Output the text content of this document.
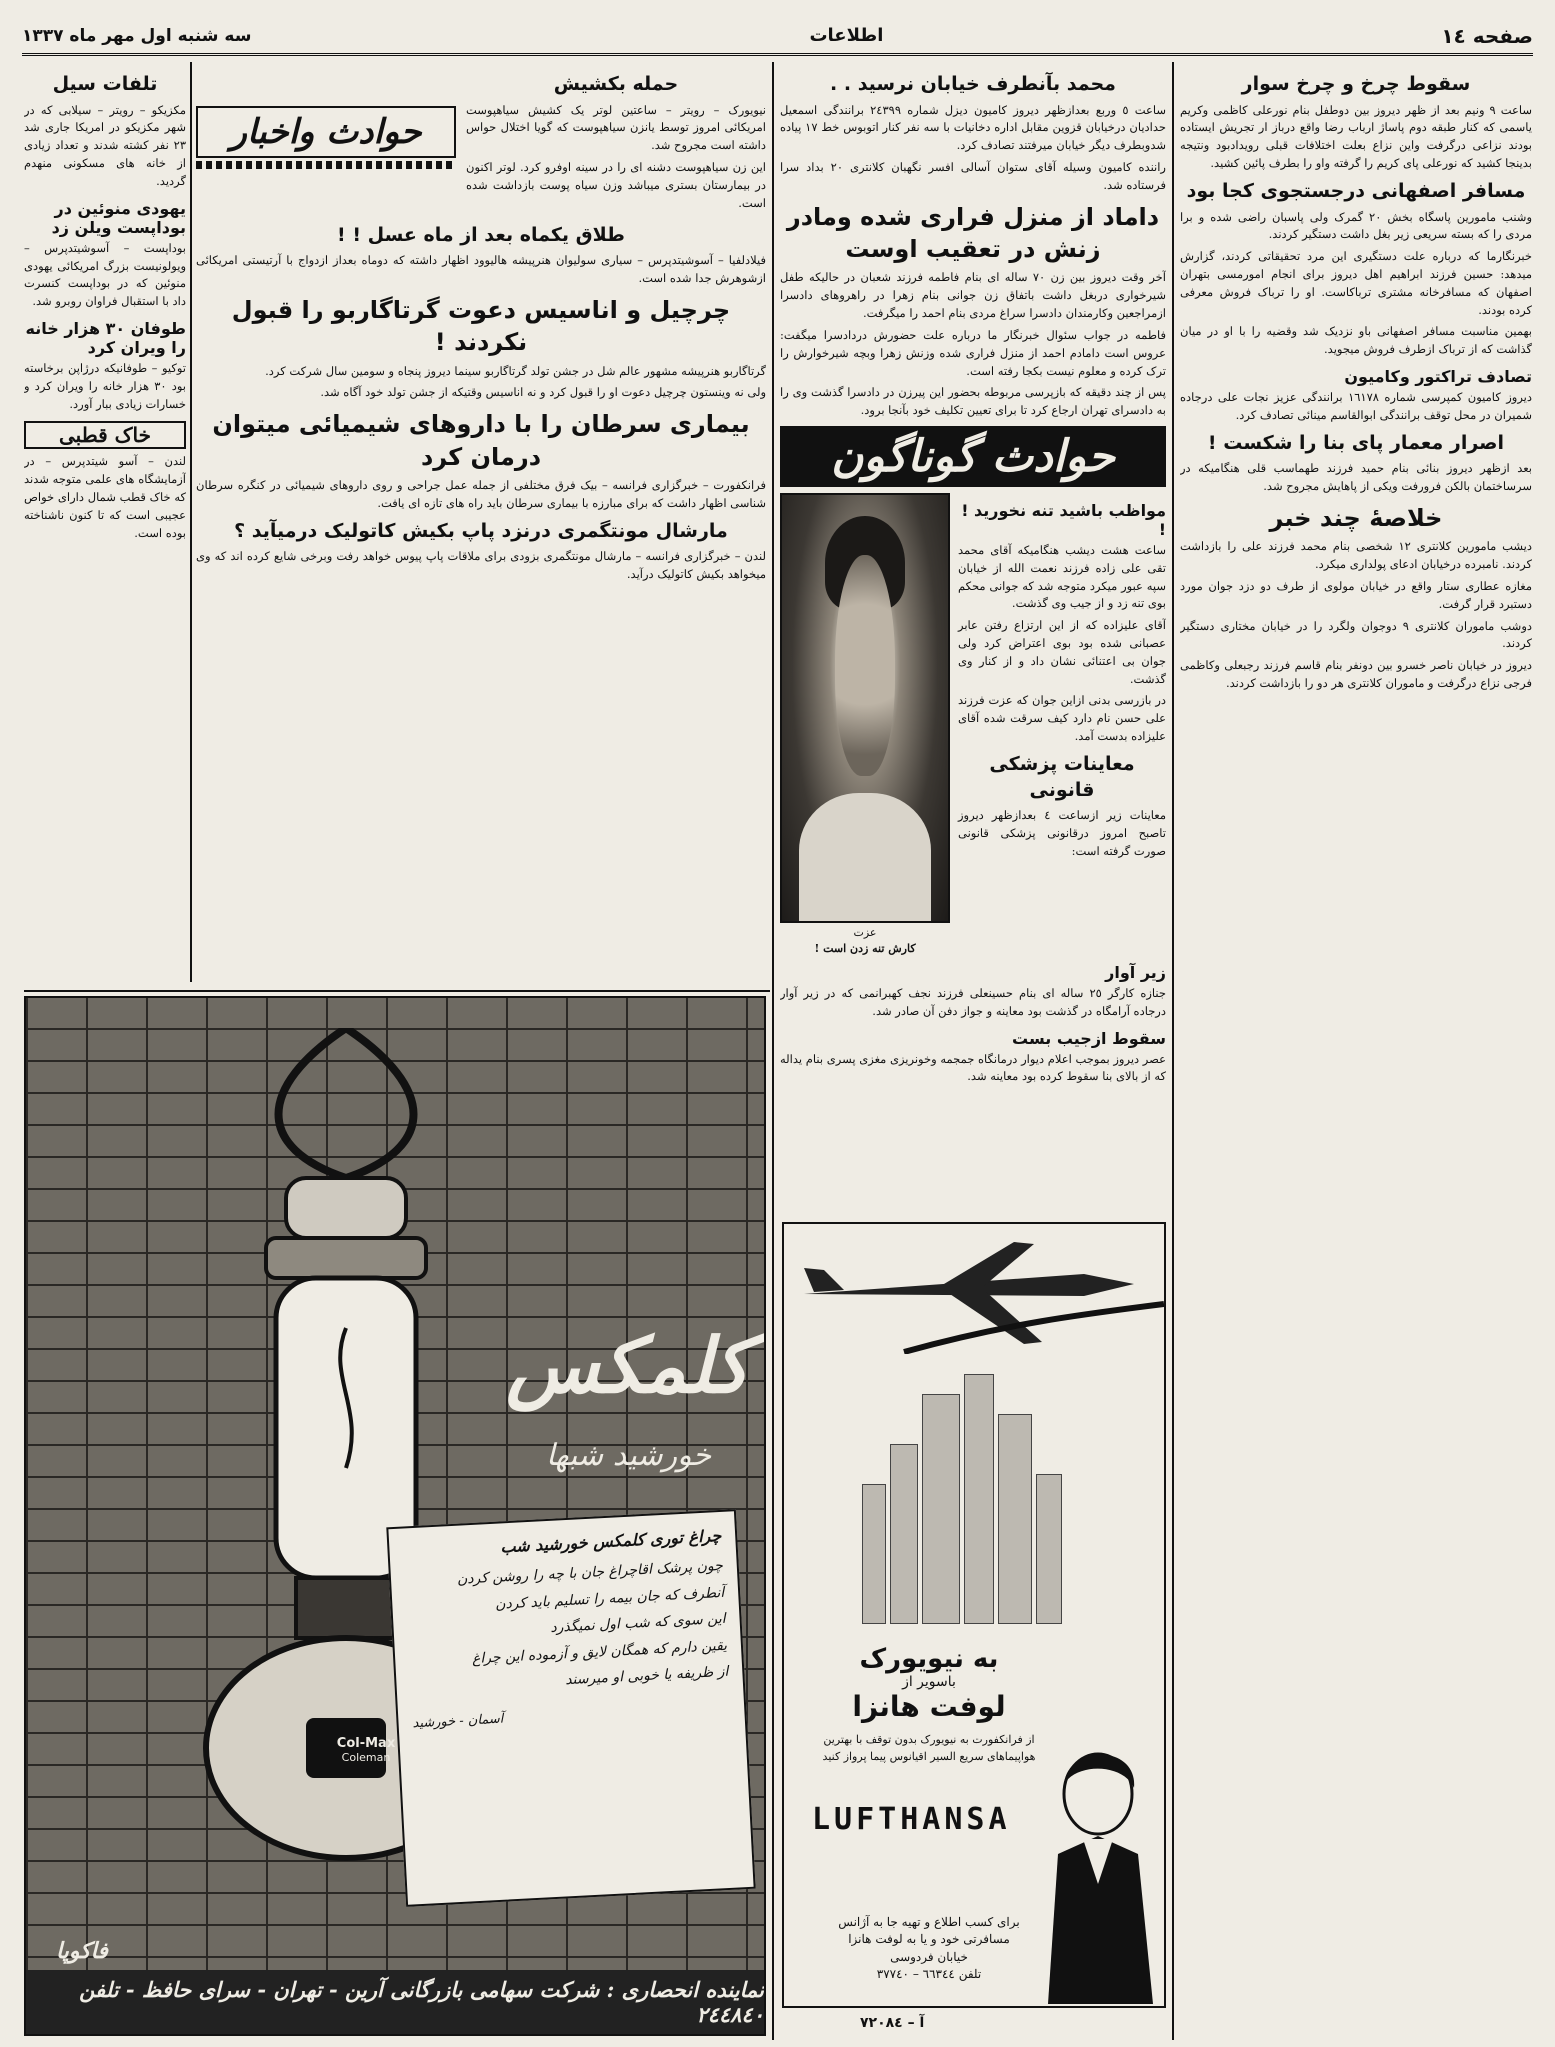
صفحه ١٤
اطلاعات
سه شنبه اول مهر ماه ١٣٣٧
سقوط چرخ و چرخ سوار

ساعت ۹ ونیم بعد از ظهر دیروز بین دوطفل بنام نورعلی کاظمی وکریم یاسمی که کنار طبقه دوم پاساژ ارباب رضا واقع درباز ار تجریش ایستاده بودند نزاعی درگرفت واین نزاع بعلت اختلافات قبلی رویدادبود ونتیجه بدینجا کشید که نورعلی پای کریم را گرفته واو را بطرف پائین کشید.

مسافر اصفهانی درجستجوی کجا بود

وشنب مامورین پاسگاه بخش ٢٠ گمرک ولی پاسبان راضی شده و برا مردی را که بسته سریعی زیر بغل داشت دستگیر کردند.

خبرنگارما که درباره علت دستگیری این مرد تحقیقاتی کردند، گزارش میدهد: حسین فرزند ابراهیم اهل دیروز برای انجام امورمسی بتهران اصفهان که مسافرخانه مشتری ترباکاست. او را ترباک فروش معرفی کرده بودند.

بهمین مناسبت مسافر اصفهانی باو نزدیک شد وقضیه را با او در میان گذاشت که از ترباک ازطرف فروش میجوید.

تصادف تراکتور وکامیون

دیروز کامیون کمپرسی شماره ١٦١٧٨ برانندگی عزیز نجات علی درجاده شمیران در محل توقف برانندگی ابوالقاسم مینائی تصادف کرد.

اصرار معمار پای بنا را شکست !

بعد ازظهر دیروز بنائی بنام حمید فرزند طهماسب قلی هنگامیکه در سرساختمان بالکن فرورفت ویکی از پاهایش مجروح شد.

خلاصهٔ چند خبر

دیشب مامورین کلانتری ١٢ شخصی بنام محمد فرزند علی را بازداشت کردند. نامبرده درخیابان ادعای پولداری میکرد.

مغازه عطاری ستار واقع در خیابان مولوی از طرف دو دزد جوان مورد دستبرد قرار گرفت.

دوشب ماموران کلانتری ۹ دوجوان ولگرد را در خیابان مختاری دستگیر کردند.

دیروز در خیابان ناصر خسرو بین دونفر بنام قاسم فرزند رجبعلی وکاظمی فرجی نزاع درگرفت و ماموران کلانتری هر دو را بازداشت کردند.

محمد بآنطرف خیابان نرسید . .

ساعت ٥ وربع بعدازظهر دیروز کامیون دیزل شماره ٢٤٣٩٩ برانندگی اسمعیل حدادیان درخیابان قزوین مقابل اداره دخانیات با سه نفر کنار اتوبوس خط ١٧ پیاده شدوبطرف دیگر خیابان میرفتند تصادف کرد.

راننده کامیون وسیله آقای ستوان آسالی افسر نگهبان کلانتری ٢٠ بداد سرا فرستاده شد.

داماد از منزل فراری شده ومادر زنش در تعقیب اوست

آخر وقت دیروز بین زن ٧٠ ساله ای بنام فاطمه فرزند شعبان در حالیکه طفل شیرخواری دربغل داشت باتفاق زن جوانی بنام زهرا در راهروهای دادسرا ازمراجعین وکارمندان دادسرا سراغ مردی بنام احمد را میگرفت.

فاطمه در جواب سئوال خبرنگار ما درباره علت حضورش دردادسرا میگفت: عروس است دامادم احمد از منزل فراری شده وزنش زهرا وبچه شیرخوارش را ترک کرده و معلوم نیست بکجا رفته است.

پس از چند دقیقه که بازپرسی مربوطه بحضور این پیرزن در دادسرا گذشت وی را به دادسرای تهران ارجاع کرد تا برای تعیین تکلیف خود بآنجا برود.

حوادث گوناگون
مواظب باشید تنه نخورید ! !

ساعت هشت دیشب هنگامیکه آقای محمد تقی علی زاده فرزند نعمت الله از خیابان سپه عبور میکرد متوجه شد که جوانی محکم بوی تنه زد و از جیب وی گذشت.

آقای علیزاده که از این ارتزاع رفتن عابر عصبانی شده بود بوی اعتراض کرد ولی جوان بی اعتنائی نشان داد و از کنار وی گذشت.

در بازرسی بدنی ازاین جوان که عزت فرزند علی حسن نام دارد کیف سرقت شده آقای علیزاده بدست آمد.

معاینات پزشکی قانونی

معاینات زیر ازساعت ٤ بعدازظهر دیروز تاصبح امروز درقانونی پزشکی قانونی صورت گرفته است:

عزت
کارش تنه زدن است !
زیر آوار

جنازه کارگر ٢٥ ساله ای بنام حسینعلی فرزند نجف کهبرانمی که در زیر آوار درجاده آرامگاه در گذشت بود معاینه و جواز دفن آن صادر شد.

سقوط ازجیب بست

عصر دیروز بموجب اعلام دیوار درمانگاه جمجمه وخونریزی مغزی پسری بنام یداله که از بالای بنا سقوط کرده بود معاینه شد.

به نیویورک
باسویر از
لوفت هانزا

از فرانکفورت به نیویورک بدون توقف با بهترین هواپیماهای سریع السیر اقیانوس پیما پرواز کنید

LUFTHANSA
برای کسب اطلاع و تهیه جا به آژانس
مسافرتی خود و یا به لوفت هانزا
خیابان فردوسی
تلفن ٦٦٣٤٤ – ٣٧٧٤٠
آ – ٧٢٠٨٤
حمله بکشیش

نیویورک – رویتر – ساعتین لوتر یک کشیش سیاهپوست امریکائی امروز توسط یانزن سیاهپوست که گویا اختلال حواس داشته است مجروح شد.

این زن سیاهپوست دشنه ای را در سینه اوفرو کرد. لوتر اکنون در بیمارستان بستری میباشد وزن سیاه پوست بازداشت شده است.

حوادث واخبار
طلاق یکماه بعد از ماه عسل ! !

فیلادلفیا – آسوشیتدپرس – سیاری سولیوان هنرپیشه هالیوود اظهار داشته که دوماه بعداز ازدواج با آرتیستی امریکائی ازشوهرش جدا شده است.

چرچیل و اناسیس دعوت گرتاگاربو را قبول نکردند !

گرتاگاربو هنرپیشه مشهور عالم شل در جشن تولد گرتاگاربو سینما دیروز پنجاه و سومین سال شرکت کرد.

ولی نه وینستون چرچیل دعوت او را قبول کرد و نه اناسیس وقتیکه از جشن تولد خود آگاه شد.

بیماری سرطان را با داروهای شیمیائی میتوان درمان کرد

فرانکفورت – خبرگزاری فرانسه – بیک فرق مختلفی از جمله عمل جراحی و روی داروهای شیمیائی در کنگره سرطان شناسی اظهار داشت که برای مبارزه با بیماری سرطان باید راه های تازه ای یافت.

مارشال مونتگمری درنزد پاپ بکیش کاتولیک درمیآید ؟

لندن – خبرگزاری فرانسه – مارشال مونتگمری بزودی برای ملاقات پاپ پیوس خواهد رفت وبرخی شایع کرده اند که وی میخواهد بکیش کاتولیک درآید.

تلفات سیل

مکزیکو – رویتر – سیلابی که در شهر مکزیکو در امریکا جاری شد ٢٣ نفر کشته شدند و تعداد زیادی از خانه های مسکونی منهدم گردید.

یهودی منوئین در بوداپست ویلن زد

بوداپست – آسوشیتدپرس – ویولونیست بزرگ امریکائی یهودی منوئین که در بوداپست کنسرت داد با استقبال فراوان روبرو شد.

طوفان ٣٠ هزار خانه را ویران کرد

توکیو – طوفانیکه درژاپن برخاسته بود ٣٠ هزار خانه را ویران کرد و خسارات زیادی ببار آورد.

خاک قطبی

لندن – آسو شیتدپرس – در آزمایشگاه های علمی متوجه شدند که خاک قطب شمال دارای خواص عجیبی است که تا کنون ناشناخته بوده است.

Col-Max
Coleman
کلمکس
خورشید شبها
چراغ توری کلمکس خورشید شب
چون پرشک اقاچراغ جان با چه را روشن کردن
آنطرف که جان بیمه را تسلیم باید کردن
این سوی که شب اول نمیگذرد
یقین دارم که همگان لایق و آزموده این چراغ
از ظریفه یا خوبی او میرسند
آسمان - خورشید
فاکوپا
نماینده انحصاری : شرکت سهامی بازرگانی آرین - تهران - سرای حافظ - تلفن ٢٤٤٨٤٠
